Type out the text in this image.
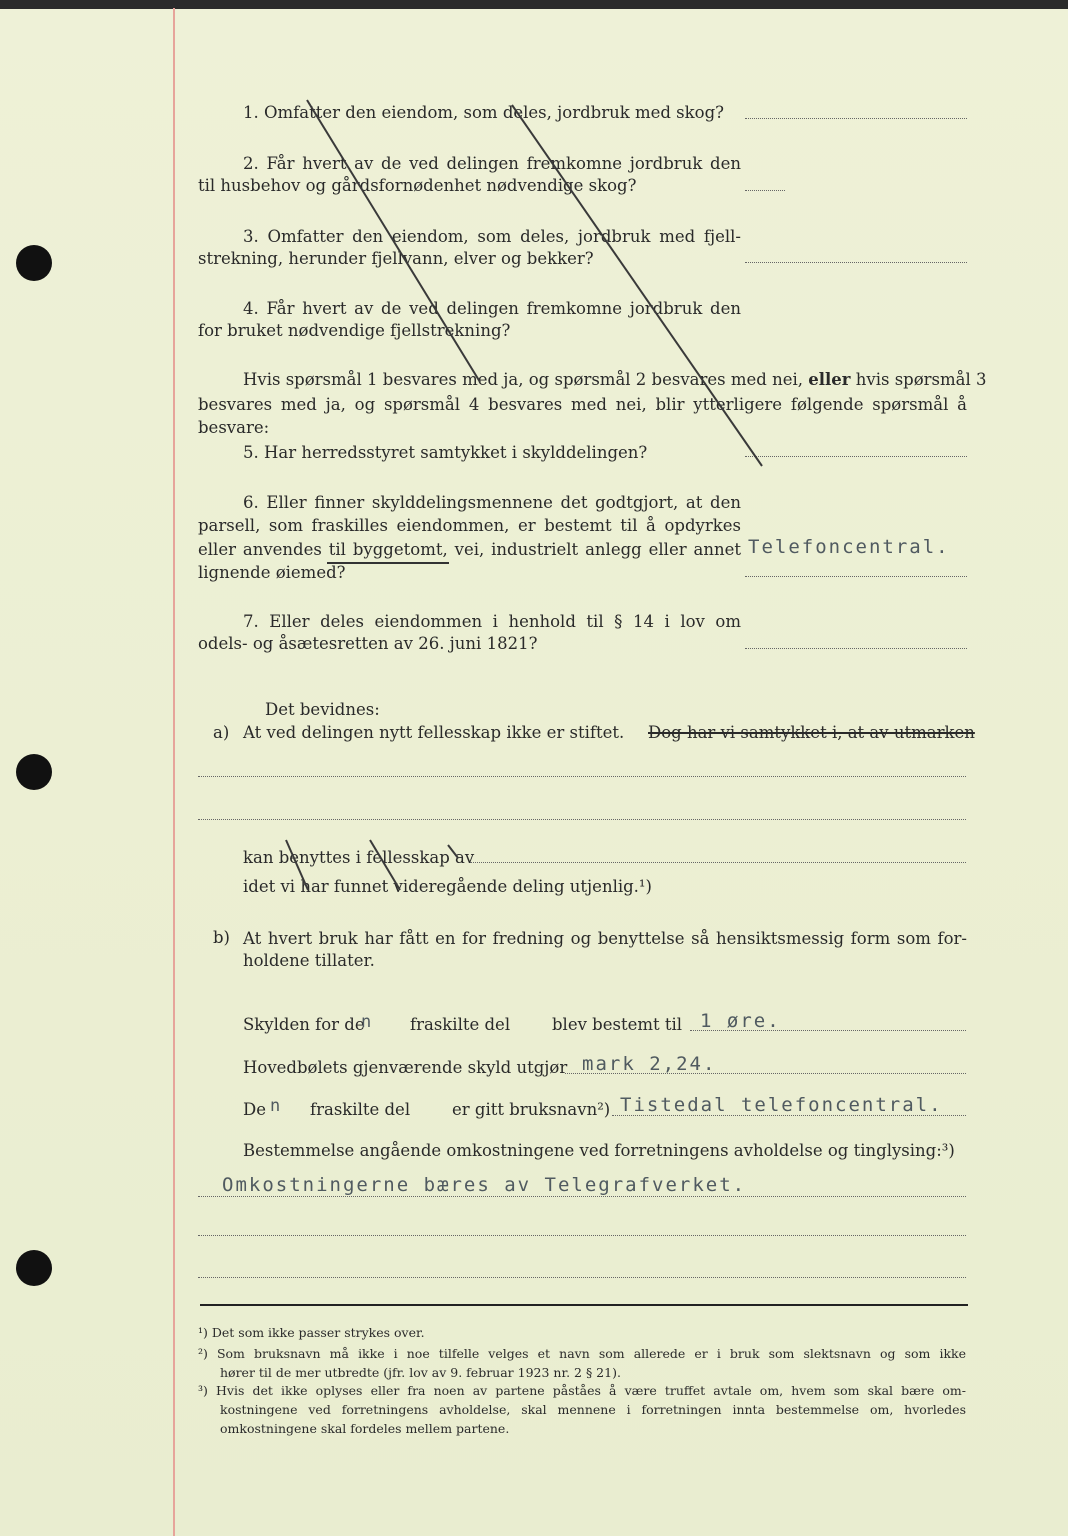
1. Omfatter den eiendom, som deles, jordbruk med skog?
2. Får hvert av de ved delingen fremkomne jordbruk den
til husbehov og gårdsfornødenhet nødvendige skog?
3. Omfatter den eiendom, som deles, jordbruk med fjell-
strekning, herunder fjellvann, elver og bekker?
4. Får hvert av de ved delingen fremkomne jordbruk den
for bruket nødvendige fjellstrekning?
Hvis spørsmål 1 besvares med ja, og spørsmål 2 besvares med nei, eller hvis spørsmål 3
besvares med ja, og spørsmål 4 besvares med nei, blir ytterligere følgende spørsmål å besvare:
5. Har herredsstyret samtykket i skylddelingen?
6. Eller finner skylddelingsmennene det godtgjort, at den
parsell, som fraskilles eiendommen, er bestemt til å opdyrkes
eller anvendes til byggetomt, vei, industrielt anlegg eller annet Telefoncentral.
lignende øiemed?
7. Eller deles eiendommen i henhold til § 14 i lov om
odels- og åsætesretten av 26. juni 1821?
Det bevidnes:
a) At ved delingen nytt fellesskap ikke er stiftet. Dog har vi samtykket i, at av utmarken
kan benyttes i fellesskap av
idet vi har funnet videregående deling utjenlig.¹)
b) At hvert bruk har fått en for fredning og benyttelse så hensiktsmessig form som for-
holdene tillater.
Skylden for de
n fraskilte del	blev bestemt til 1 øre.
Hovedbølets gjenværende skyld utgjør mark 2,24.
De n fraskilte del	er gitt bruksnavn²) Tistedal telefoncentral.
Bestemmelse angående omkostningene ved forretningens avholdelse og tinglysing:³)
Omkostningerne bæres av Telegrafverket.
¹) Det som ikke passer strykes over.
²) Som bruksnavn må ikke i noe tilfelle velges et navn som allerede er i bruk som slektsnavn og som ikke
hører til de mer utbredte (jfr. lov av 9. februar 1923 nr. 2 § 21).
³) Hvis det ikke oplyses eller fra noen av partene påståes å være truffet avtale om, hvem som skal bære om-
kostningene ved forretningens avholdelse, skal mennene i forretningen innta bestemmelse om, hvorledes
omkostningene skal fordeles mellem partene.
